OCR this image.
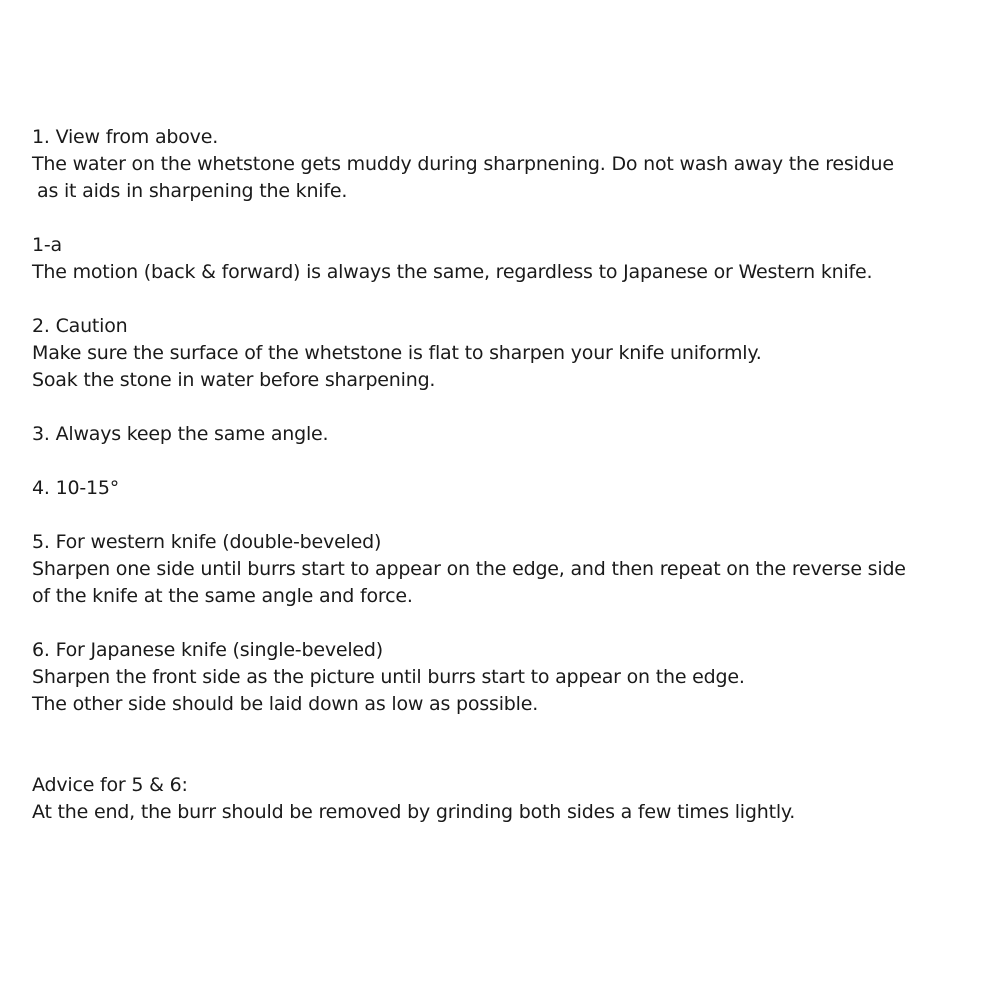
1. View from above.
The water on the whetstone gets muddy during sharpnening. Do not wash away the residue
as it aids in sharpening the knife.
1-a
The motion (back & forward) is always the same, regardless to Japanese or Western knife.
2. Caution
Make sure the surface of the whetstone is flat to sharpen your knife uniformly.
Soak the stone in water before sharpening.
3. Always keep the same angle.
4. 10-15°
5. For western knife (double-beveled)
Sharpen one side until burrs start to appear on the edge, and then repeat on the reverse side
of the knife at the same angle and force.
6. For Japanese knife (single-beveled)
Sharpen the front side as the picture until burrs start to appear on the edge.
The other side should be laid down as low as possible.
Advice for 5 & 6:
At the end, the burr should be removed by grinding both sides a few times lightly.
